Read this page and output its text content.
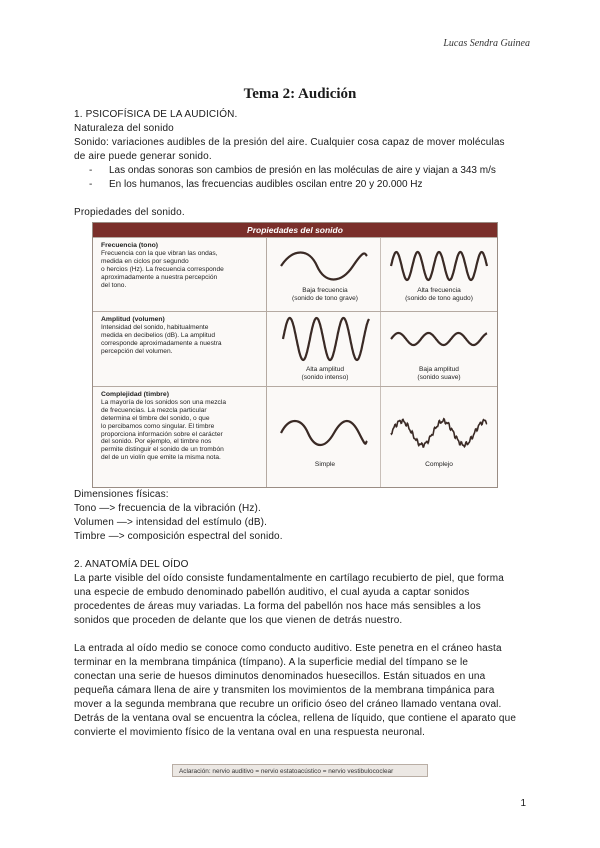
Lucas Sendra Guinea
Tema 2: Audición
1. PSICOFÍSICA DE LA AUDICIÓN.
Naturaleza del sonido
Sonido: variaciones audibles de la presión del aire. Cualquier cosa capaz de mover moléculas
de aire puede generar sonido.
- Las ondas sonoras son cambios de presión en las moléculas de aire y viajan a 343 m/s
- En los humanos, las frecuencias audibles oscilan entre 20 y 20.000 Hz
Propiedades del sonido.
Propiedades del sonido
Frecuencia (tono)
Frecuencia con la que vibran las ondas,
medida en ciclos por segundo
o hercios (Hz). La frecuencia corresponde
aproximadamente a nuestra percepción
del tono.
Baja frecuencia
(sonido de tono grave)
Alta frecuencia
(sonido de tono agudo)
Amplitud (volumen)
Intensidad del sonido, habitualmente
medida en decibelios (dB). La amplitud
corresponde aproximadamente a nuestra
percepción del volumen.
Alta amplitud
(sonido intenso)
Baja amplitud
(sonido suave)
Complejidad (timbre)
La mayoría de los sonidos son una mezcla
de frecuencias. La mezcla particular
determina el timbre del sonido, o que
lo percibamos como singular. El timbre
proporciona información sobre el carácter
del sonido. Por ejemplo, el timbre nos
permite distinguir el sonido de un trombón
del de un violín que emite la misma nota.
Simple	Complejo
Dimensiones físicas:
Tono —> frecuencia de la vibración (Hz).
Volumen —> intensidad del estímulo (dB).
Timbre —> composición espectral del sonido.
2. ANATOMÍA DEL OÍDO
La parte visible del oído consiste fundamentalmente en cartílago recubierto de piel, que forma
una especie de embudo denominado pabellón auditivo, el cual ayuda a captar sonidos
procedentes de áreas muy variadas. La forma del pabellón nos hace más sensibles a los
sonidos que proceden de delante que los que vienen de detrás nuestro.
La entrada al oído medio se conoce como conducto auditivo. Este penetra en el cráneo hasta
terminar en la membrana timpánica (tímpano). A la superficie medial del tímpano se le
conectan una serie de huesos diminutos denominados huesecillos. Están situados en una
pequeña cámara llena de aire y transmiten los movimientos de la membrana timpánica para
mover a la segunda membrana que recubre un orificio óseo del cráneo llamado ventana oval.
Detrás de la ventana oval se encuentra la cóclea, rellena de líquido, que contiene el aparato que
convierte el movimiento físico de la ventana oval en una respuesta neuronal.
Aclaración: nervio auditivo = nervio estatoacústico = nervio vestibulococlear
1
